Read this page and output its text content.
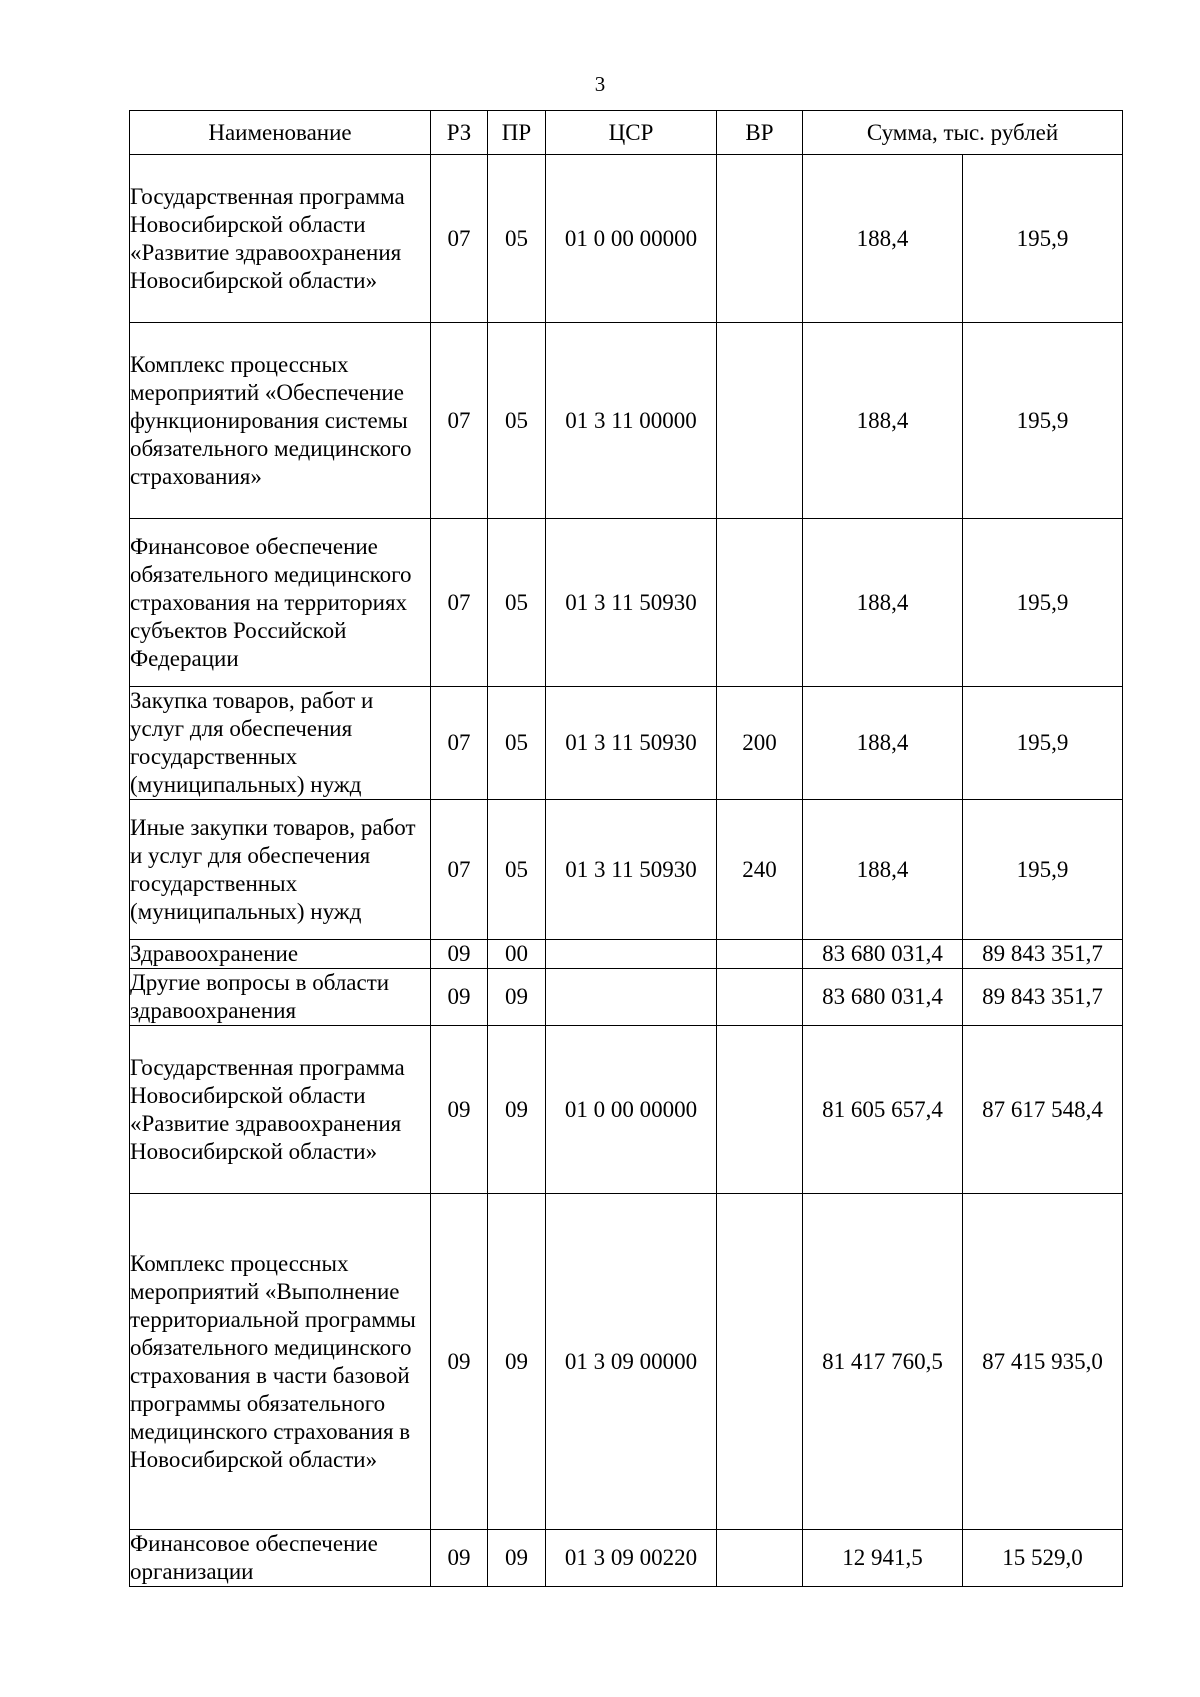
3
Наименование	РЗ	ПР	ЦСР	ВР	Сумма, тыс. рублей	
Государственная программа Новосибирской области «Развитие здравоохранения Новосибирской области»	07	05	01 0 00 00000		188,4	195,9
Комплекс процессных мероприятий «Обеспечение функционирования системы обязательного медицинского страхования»	07	05	01 3 11 00000		188,4	195,9
Финансовое обеспечение обязательного медицинского страхования на территориях субъектов Российской Федерации	07	05	01 3 11 50930		188,4	195,9
Закупка товаров, работ и услуг для обеспечения государственных (муниципальных) нужд	07	05	01 3 11 50930	200	188,4	195,9
Иные закупки товаров, работ и услуг для обеспечения государственных (муниципальных) нужд	07	05	01 3 11 50930	240	188,4	195,9
Здравоохранение	09	00			83 680 031,4	89 843 351,7
Другие вопросы в области здравоохранения	09	09			83 680 031,4	89 843 351,7
Государственная программа Новосибирской области «Развитие здравоохранения Новосибирской области»	09	09	01 0 00 00000		81 605 657,4	87 617 548,4
Комплекс процессных мероприятий «Выполнение территориальной программы обязательного медицинского страхования в части базовой программы обязательного медицинского страхования в Новосибирской области»	09	09	01 3 09 00000		81 417 760,5	87 415 935,0
Финансовое обеспечение организации	09	09	01 3 09 00220		12 941,5	15 529,0
